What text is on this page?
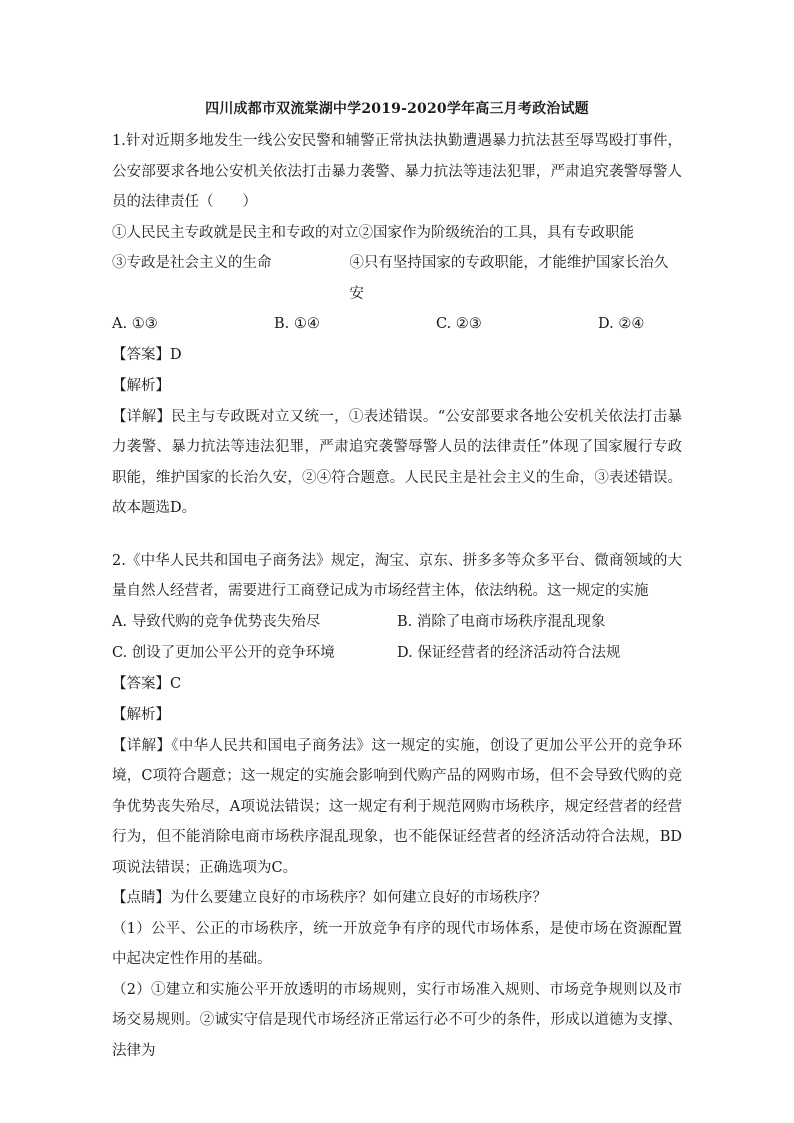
四川成都市双流棠湖中学2019-2020学年高三月考政治试题

1.针对近期多地发生一线公安民警和辅警正常执法执勤遭遇暴力抗法甚至辱骂殴打事件，公安部要求各地公安机关依法打击暴力袭警、暴力抗法等违法犯罪，严肃追究袭警辱警人员的法律责任（　　）

①人民民主专政就是民主和专政的对立②国家作为阶级统治的工具，具有专政职能

③专政是社会主义的生命	④只有坚持国家的专政职能，才能维护国家长治久安
A. ①③	B. ①④	C. ②③	D. ②④

【答案】D

【解析】

【详解】民主与专政既对立又统一，①表述错误。“公安部要求各地公安机关依法打击暴力袭警、暴力抗法等违法犯罪，严肃追究袭警辱警人员的法律责任”体现了国家履行专政职能，维护国家的长治久安，②④符合题意。人民民主是社会主义的生命，③表述错误。故本题选D。

2.《中华人民共和国电子商务法》规定，淘宝、京东、拼多多等众多平台、微商领域的大量自然人经营者，需要进行工商登记成为市场经营主体，依法纳税。这一规定的实施

A. 导致代购的竞争优势丧失殆尽	B. 消除了电商市场秩序混乱现象
C. 创设了更加公平公开的竞争环境	D. 保证经营者的经济活动符合法规

【答案】C

【解析】

【详解】《中华人民共和国电子商务法》这一规定的实施，创设了更加公平公开的竞争环境，C项符合题意；这一规定的实施会影响到代购产品的网购市场，但不会导致代购的竞争优势丧失殆尽，A项说法错误；这一规定有利于规范网购市场秩序，规定经营者的经营行为，但不能消除电商市场秩序混乱现象，也不能保证经营者的经济活动符合法规，BD项说法错误；正确选项为C。

【点睛】为什么要建立良好的市场秩序？如何建立良好的市场秩序？

（1）公平、公正的市场秩序，统一开放竞争有序的现代市场体系，是使市场在资源配置中起决定性作用的基础。

（2）①建立和实施公平开放透明的市场规则，实行市场准入规则、市场竞争规则以及市场交易规则。②诚实守信是现代市场经济正常运行必不可少的条件，形成以道德为支撑、法律为
